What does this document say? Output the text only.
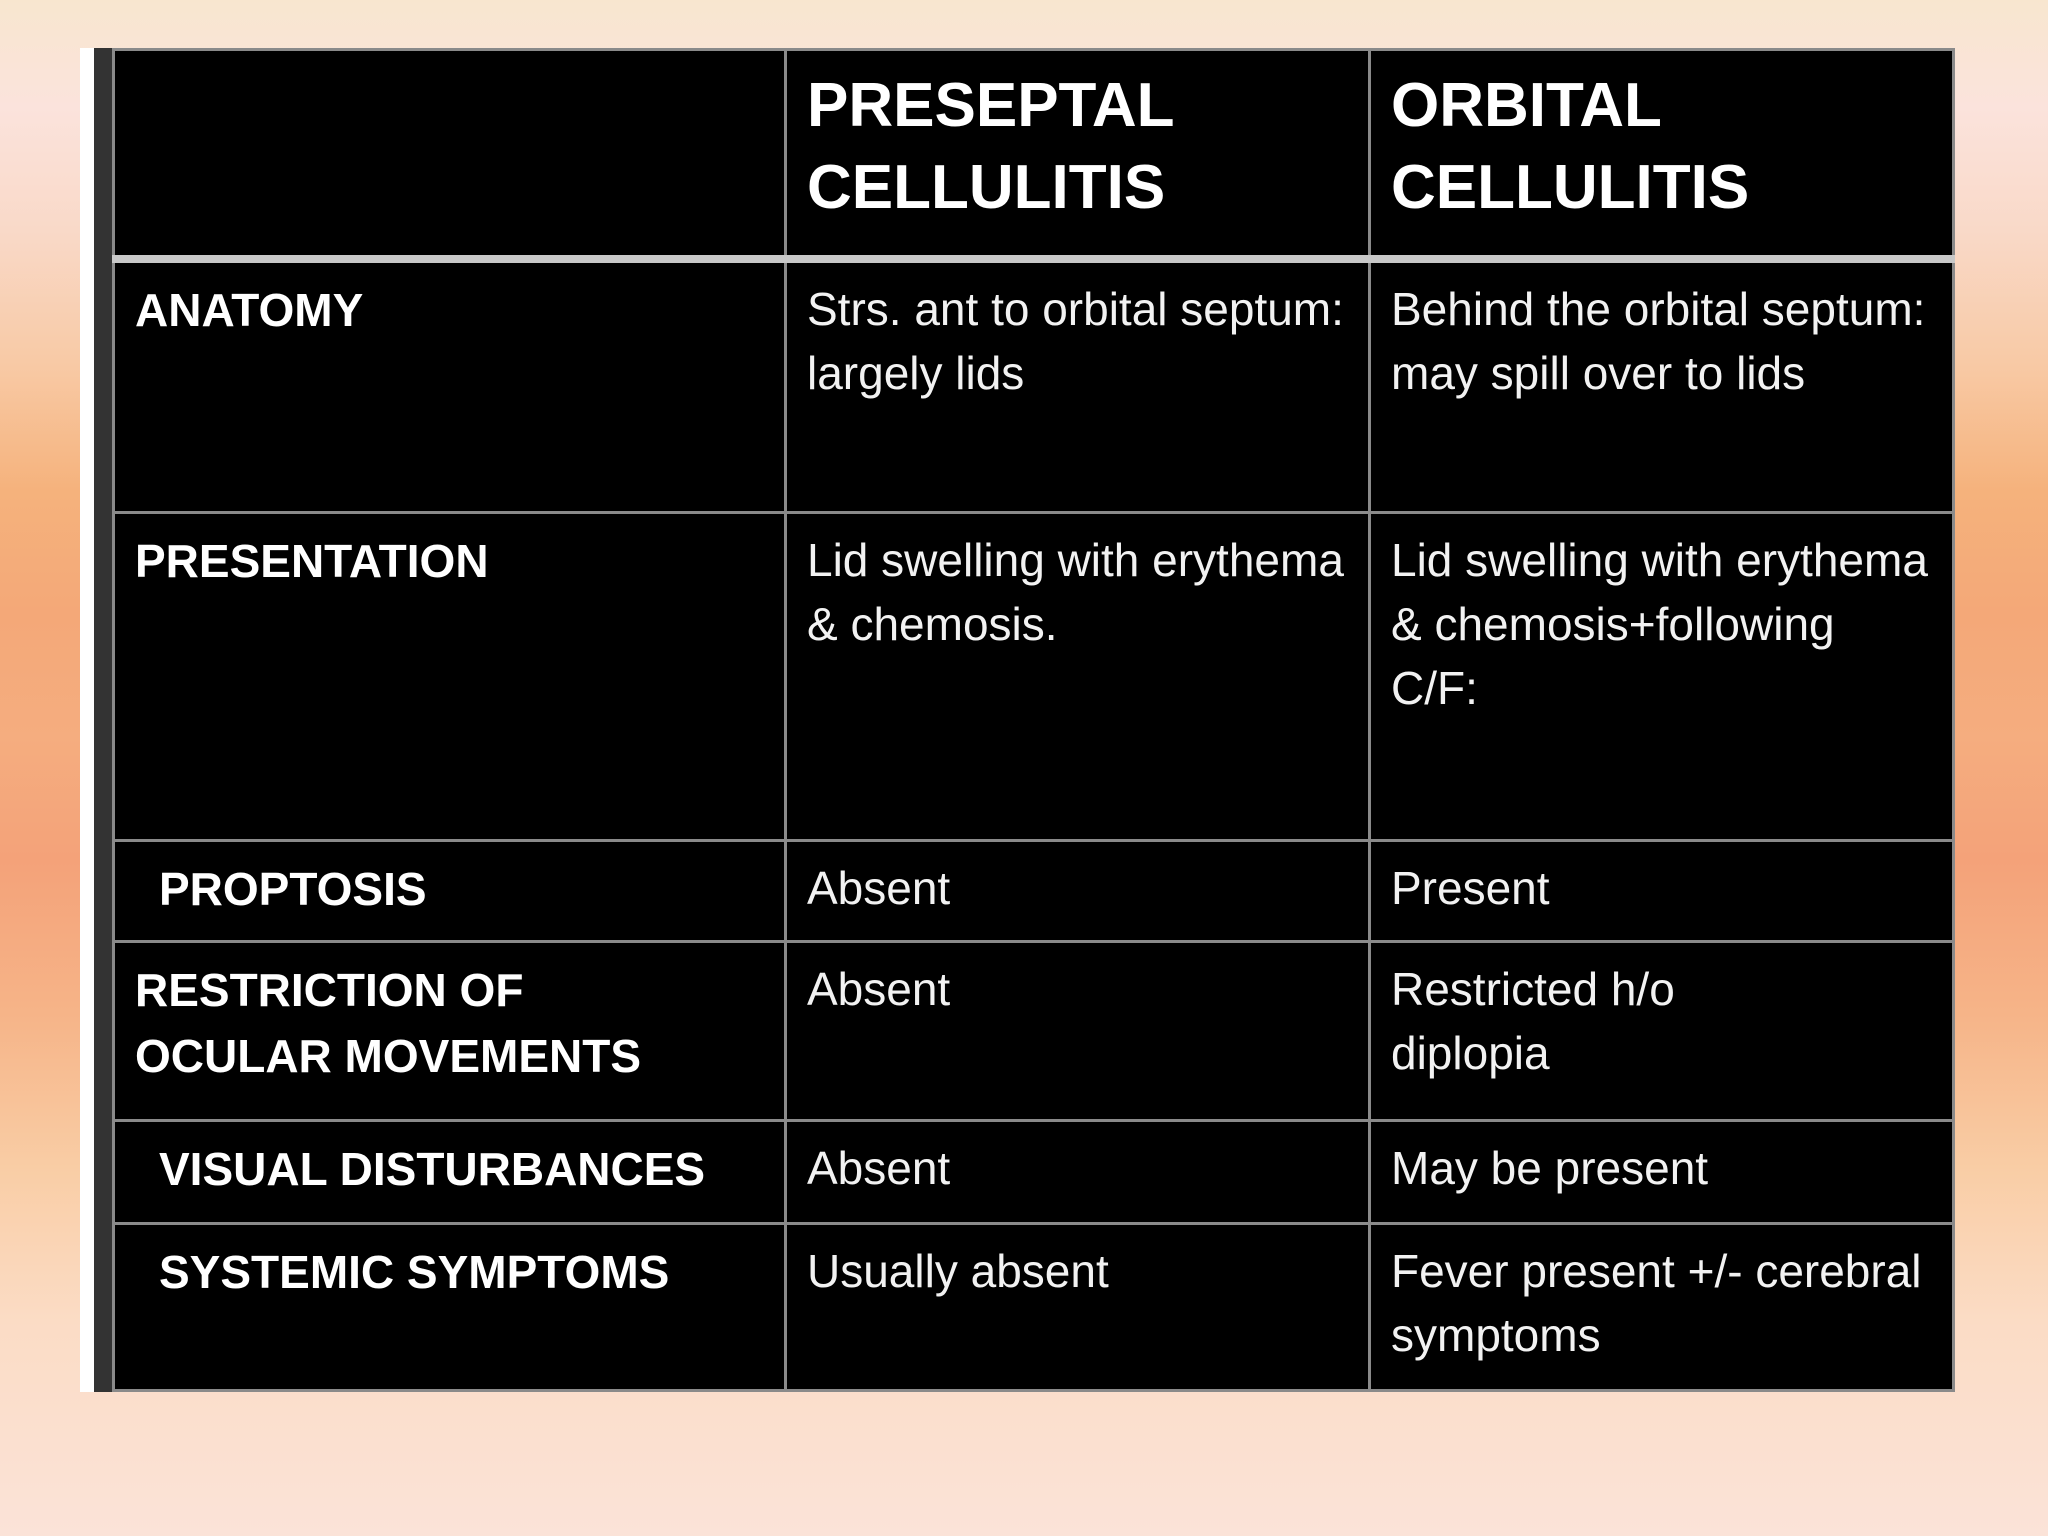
	PRESEPTAL CELLULITIS	ORBITAL CELLULITIS
ANATOMY	Strs. ant to orbital septum: largely lids	Behind the orbital septum: may spill over to lids
PRESENTATION	Lid swelling with erythema & chemosis.	Lid swelling with erythema & chemosis+following C/F:
PROPTOSIS	Absent	Present
RESTRICTION OF OCULAR MOVEMENTS	Absent	Restricted h/o diplopia
VISUAL DISTURBANCES	Absent	May be present
SYSTEMIC SYMPTOMS	Usually absent	Fever present +/- cerebral symptoms
